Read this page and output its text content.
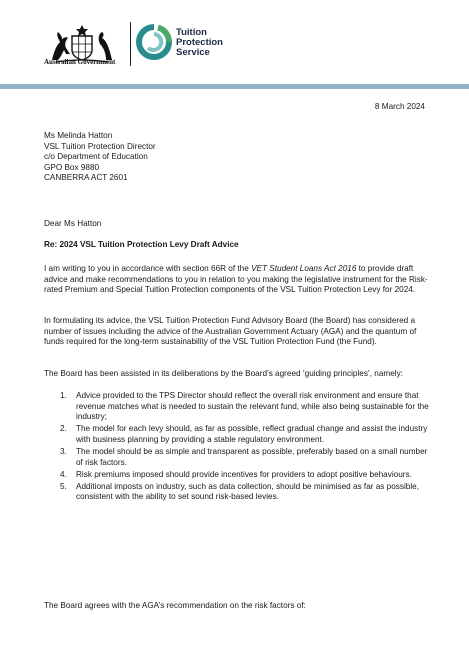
Australian Government
Tuition
Protection
Service
8 March 2024
Ms Melinda Hatton
VSL Tuition Protection Director
c/o Department of Education
GPO Box 9880
CANBERRA ACT 2601
Dear Ms Hatton
Re: 2024 VSL Tuition Protection Levy Draft Advice
I am writing to you in accordance with section 66R of the VET Student Loans Act 2016 to provide draft advice and make recommendations to you in relation to you making the legislative instrument for the Risk-rated Premium and Special Tuition Protection components of the VSL Tuition Protection Levy for 2024.
In formulating its advice, the VSL Tuition Protection Fund Advisory Board (the Board) has considered a number of issues including the advice of the Australian Government Actuary (AGA) and the quantum of funds required for the long-term sustainability of the VSL Tuition Protection Fund (the Fund).
The Board has been assisted in its deliberations by the Board’s agreed ‘guiding principles’, namely:
1. Advice provided to the TPS Director should reflect the overall risk environment and ensure that revenue matches what is needed to sustain the relevant fund, while also being sustainable for the industry;
2. The model for each levy should, as far as possible, reflect gradual change and assist the industry with business planning by providing a stable regulatory environment.
3. The model should be as simple and transparent as possible, preferably based on a small number of risk factors.
4. Risk premiums imposed should provide incentives for providers to adopt positive behaviours.
5. Additional imposts on industry, such as data collection, should be minimised as far as possible, consistent with the ability to set sound risk-based levies.
The Board agrees with the AGA’s recommendation on the risk factors of:
